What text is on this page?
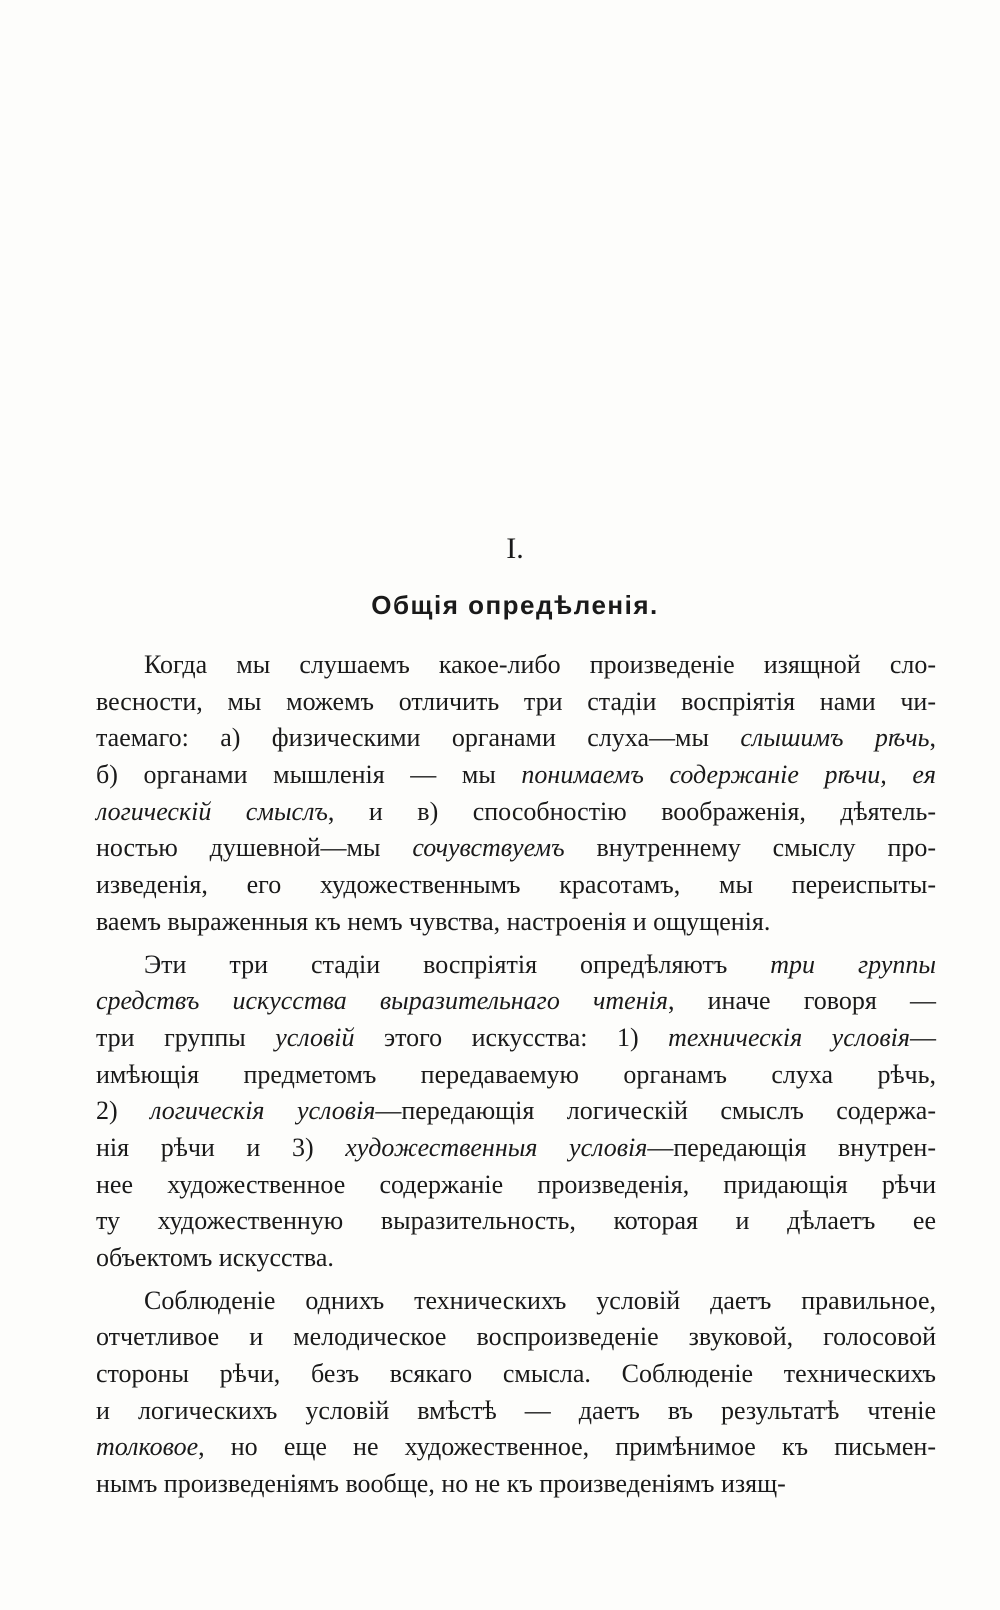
I.
Общія опредѣленія.
Когда мы слушаемъ какое-либо произведеніе изящной сло-
весности, мы можемъ отличить три стадіи воспріятія нами чи-
таемаго: а) физическими органами слуха—мы слышимъ рѣчь,
б) органами мышленія — мы понимаемъ содержаніе рѣчи, ея
логическій смыслъ, и в) способностію воображенія, дѣятель-
ностью душевной—мы сочувствуемъ внутреннему смыслу про-
изведенія, его художественнымъ красотамъ, мы переиспыты-
ваемъ выраженныя къ немъ чувства, настроенія и ощущенія.
Эти три стадіи воспріятія опредѣляютъ три группы
средствъ искусства выразительнаго чтенія, иначе говоря —
три группы условій этого искусства: 1) техническія условія—
имѣющія предметомъ передаваемую органамъ слуха рѣчь,
2) логическія условія—передающія логическій смыслъ содержа-
нія рѣчи и 3) художественныя условія—передающія внутрен-
нее художественное содержаніе произведенія, придающія рѣчи
ту художественную выразительность, которая и дѣлаетъ ее
объектомъ искусства.
Соблюденіе однихъ техническихъ условій даетъ правильное,
отчетливое и мелодическое воспроизведеніе звуковой, голосовой
стороны рѣчи, безъ всякаго смысла. Соблюденіе техническихъ
и логическихъ условій вмѣстѣ — даетъ въ результатѣ чтеніе
толковое, но еще не художественное, примѣнимое къ письмен-
нымъ произведеніямъ вообще, но не къ произведеніямъ изящ-
